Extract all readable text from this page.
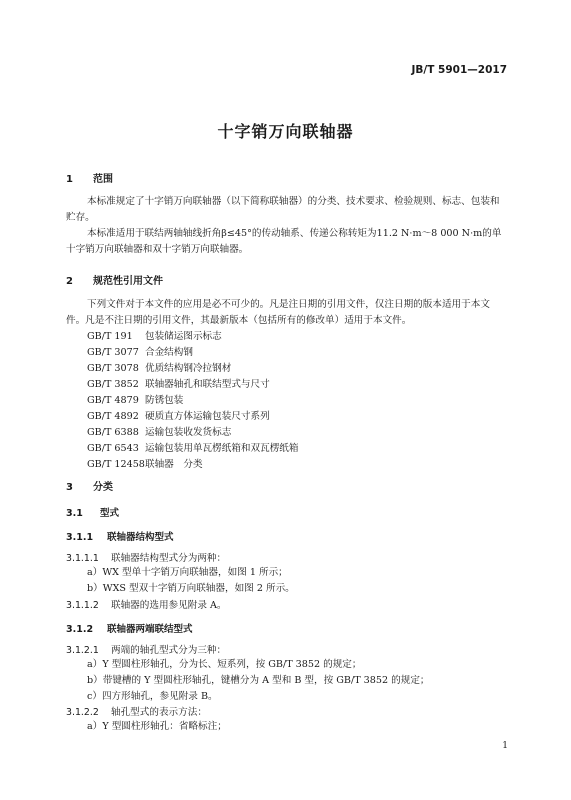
JB/T 5901—2017
十字销万向联轴器
1 范围
本标准规定了十字销万向联轴器（以下简称联轴器）的分类、技术要求、检验规则、标志、包装和贮存。
本标准适用于联结两轴轴线折角β≤45°的传动轴系、传递公称转矩为11.2 N·m～8 000 N·m的单十字销万向联轴器和双十字销万向联轴器。
2 规范性引用文件
下列文件对于本文件的应用是必不可少的。凡是注日期的引用文件，仅注日期的版本适用于本文件。凡是不注日期的引用文件，其最新版本（包括所有的修改单）适用于本文件。
GB/T 191 包装储运图示标志
GB/T 3077 合金结构钢
GB/T 3078 优质结构钢冷拉钢材
GB/T 3852 联轴器轴孔和联结型式与尺寸
GB/T 4879 防锈包装
GB/T 4892 硬质直方体运输包装尺寸系列
GB/T 6388 运输包装收发货标志
GB/T 6543 运输包装用单瓦楞纸箱和双瓦楞纸箱
GB/T 12458联轴器　分类
3 分类
3.1 型式
3.1.1 联轴器结构型式
3.1.1.1 联轴器结构型式分为两种：
a）WX 型单十字销万向联轴器，如图 1 所示；
b）WXS 型双十字销万向联轴器，如图 2 所示。
3.1.1.2 联轴器的选用参见附录 A。
3.1.2 联轴器两端联结型式
3.1.2.1 两端的轴孔型式分为三种：
a）Y 型圆柱形轴孔，分为长、短系列，按 GB/T 3852 的规定；
b）带键槽的 Y 型圆柱形轴孔，键槽分为 A 型和 B 型，按 GB/T 3852 的规定；
c）四方形轴孔，参见附录 B。
3.1.2.2 轴孔型式的表示方法：
a）Y 型圆柱形轴孔：省略标注；
1
